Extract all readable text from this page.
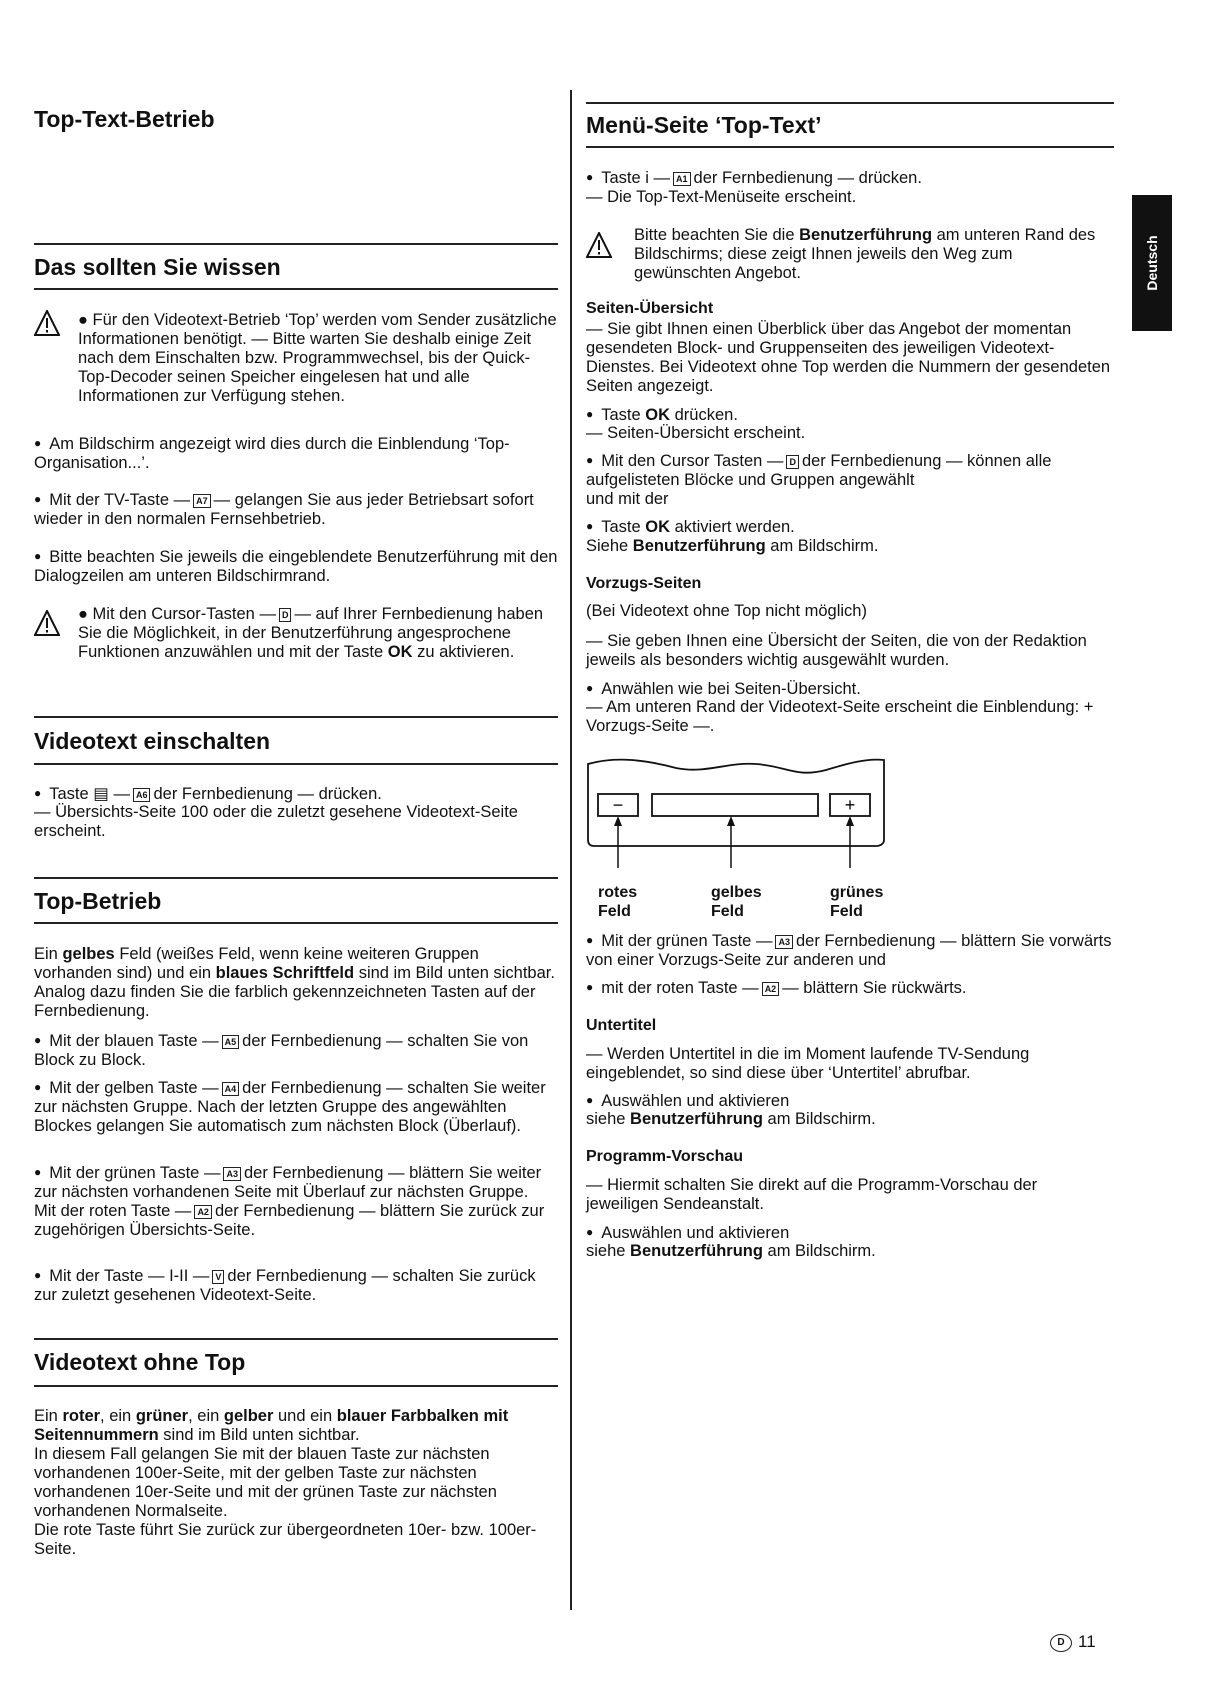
Top-Text-Betrieb
Das sollten Sie wissen
● Für den Videotext-Betrieb ‘Top’ werden vom Sender zusätzliche Informationen benötigt. — Bitte warten Sie deshalb einige Zeit nach dem Einschalten bzw. Programmwechsel, bis der Quick-Top-Decoder seinen Speicher eingelesen hat und alle Informationen zur Verfügung stehen.
● Am Bildschirm angezeigt wird dies durch die Einblendung ‘Top-Organisation...’.
● Mit der TV-Taste — A7 — gelangen Sie aus jeder Betriebsart sofort wieder in den normalen Fernsehbetrieb.
● Bitte beachten Sie jeweils die eingeblendete Benutzerführung mit den Dialogzeilen am unteren Bildschirmrand.
● Mit den Cursor-Tasten — D — auf Ihrer Fernbedienung haben Sie die Möglichkeit, in der Benutzerführung angesprochene Funktionen anzuwählen und mit der Taste OK zu aktivieren.
Videotext einschalten
● Taste ▤ — A6 der Fernbedienung — drücken.
— Übersichts-Seite 100 oder die zuletzt gesehene Videotext-Seite erscheint.
Top-Betrieb
Ein gelbes Feld (weißes Feld, wenn keine weiteren Gruppen vorhanden sind) und ein blaues Schriftfeld sind im Bild unten sichtbar. Analog dazu finden Sie die farblich gekennzeichneten Tasten auf der Fernbedienung.
● Mit der blauen Taste — A5 der Fernbedienung — schalten Sie von Block zu Block.
● Mit der gelben Taste — A4 der Fernbedienung — schalten Sie weiter zur nächsten Gruppe. Nach der letzten Gruppe des angewählten Blockes gelangen Sie automatisch zum nächsten Block (Überlauf).
● Mit der grünen Taste — A3 der Fernbedienung — blättern Sie weiter zur nächsten vorhandenen Seite mit Überlauf zur nächsten Gruppe.
Mit der roten Taste — A2 der Fernbedienung — blättern Sie zurück zur zugehörigen Übersichts-Seite.
● Mit der Taste — I-II — V der Fernbedienung — schalten Sie zurück zur zuletzt gesehenen Videotext-Seite.
Videotext ohne Top
Ein roter, ein grüner, ein gelber und ein blauer Farbbalken mit Seitennummern sind im Bild unten sichtbar.
In diesem Fall gelangen Sie mit der blauen Taste zur nächsten vorhandenen 100er-Seite, mit der gelben Taste zur nächsten vorhandenen 10er-Seite und mit der grünen Taste zur nächsten vorhandenen Normalseite.
Die rote Taste führt Sie zurück zur übergeordneten 10er- bzw. 100er-Seite.
Menü-Seite ‘Top-Text’
● Taste i — A1 der Fernbedienung — drücken.
— Die Top-Text-Menüseite erscheint.
Bitte beachten Sie die Benutzerführung am unteren Rand des Bildschirms; diese zeigt Ihnen jeweils den Weg zum gewünschten Angebot.
Seiten-Übersicht
— Sie gibt Ihnen einen Überblick über das Angebot der momentan gesendeten Block- und Gruppenseiten des jeweiligen Videotext-Dienstes. Bei Videotext ohne Top werden die Nummern der gesendeten Seiten angezeigt.
● Taste OK drücken.
— Seiten-Übersicht erscheint.
● Mit den Cursor Tasten — D der Fernbedienung — können alle aufgelisteten Blöcke und Gruppen angewählt
und mit der
● Taste OK aktiviert werden.
Siehe Benutzerführung am Bildschirm.
Vorzugs-Seiten
(Bei Videotext ohne Top nicht möglich)
— Sie geben Ihnen eine Übersicht der Seiten, die von der Redaktion jeweils als besonders wichtig ausgewählt wurden.
● Anwählen wie bei Seiten-Übersicht.
— Am unteren Rand der Videotext-Seite erscheint die Einblendung: + Vorzugs-Seite —.
−	+
rotes
Feld
gelbes
Feld
grünes
Feld
● Mit der grünen Taste — A3 der Fernbedienung — blättern Sie vorwärts von einer Vorzugs-Seite zur anderen und
● mit der roten Taste — A2 — blättern Sie rückwärts.
Untertitel
— Werden Untertitel in die im Moment laufende TV-Sendung eingeblendet, so sind diese über ‘Untertitel’ abrufbar.
● Auswählen und aktivieren
siehe Benutzerführung am Bildschirm.
Programm-Vorschau
— Hiermit schalten Sie direkt auf die Programm-Vorschau der jeweiligen Sendeanstalt.
● Auswählen und aktivieren
siehe Benutzerführung am Bildschirm.
Deutsch
D 11
